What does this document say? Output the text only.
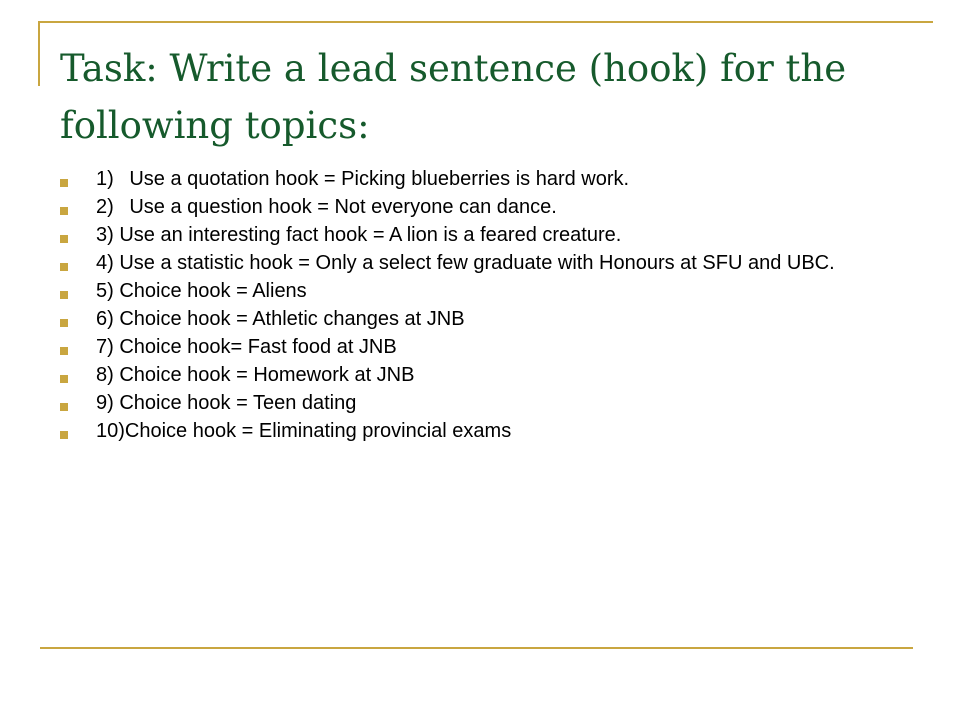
Task: Write a lead sentence (hook) for the following topics:
1)	Use a quotation hook = Picking blueberries is hard work.
2)	Use a question hook = Not everyone can dance.
3) Use an interesting fact hook = A lion is a feared creature.
4) Use a statistic hook = Only a select few graduate with Honours at SFU and UBC.
5) Choice hook = Aliens
6) Choice hook = Athletic changes at JNB
7) Choice hook= Fast food at JNB
8) Choice hook = Homework at JNB
9) Choice hook = Teen dating
10)Choice hook = Eliminating provincial exams
